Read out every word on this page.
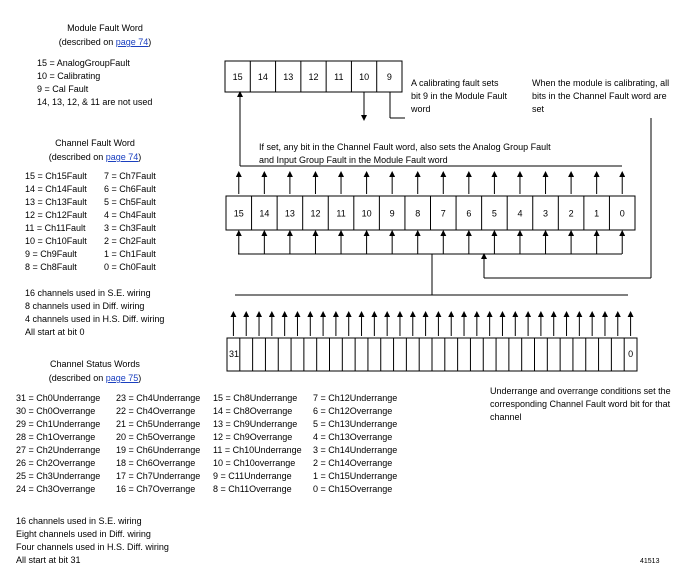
Module Fault Word
(described on page 74)
15 = AnalogGroupFault
10 = Calibrating
9 = Cal Fault
14, 13, 12, & 11 are not used
Channel Fault Word
(described on page 74)
15 = Ch15Fault
14 = Ch14Fault
13 = Ch13Fault
12 = Ch12Fault
11 = Ch11Fault
10 = Ch10Fault
9 = Ch9Fault
8 = Ch8Fault
7 = Ch7Fault
6 = Ch6Fault
5 = Ch5Fault
4 = Ch4Fault
3 = Ch3Fault
2 = Ch2Fault
1 = Ch1Fault
0 = Ch0Fault
16 channels used in S.E. wiring
8 channels used in Diff. wiring
4 channels used in H.S. Diff. wiring
All start at bit 0
Channel Status Words
(described on page 75)
31 = Ch0Underrange
30 = Ch0Overrange
29 = Ch1Underrange
28 = Ch1Overrange
27 = Ch2Underrange
26 = Ch2Overrange
25 = Ch3Underrange
24 = Ch3Overrange
23 = Ch4Underrange
22 = Ch4Overrange
21 = Ch5Underrange
20 = Ch5Overrange
19 = Ch6Underrange
18 = Ch6Overrange
17 = Ch7Underrange
16 = Ch7Overrange
15 = Ch8Underrange
14 = Ch8Overrange
13 = Ch9Underrange
12 = Ch9Overrange
11 = Ch10Underrange
10 = Ch10overrange
9 = C11Underrange
8 = Ch11Overrange
7 = Ch12Underrange
6 = Ch12Overrange
5 = Ch13Underrange
4 = Ch13Overrange
3 = Ch14Underrange
2 = Ch14Overrange
1 = Ch15Underrange
0 = Ch15Overrange
16 channels used in S.E. wiring
Eight channels used in Diff. wiring
Four channels used in H.S. Diff. wiring
All start at bit 31
A calibrating fault sets
bit 9 in the Module Fault
word
When the module is calibrating, all
bits in the Channel Fault word are
set
If set, any bit in the Channel Fault word, also sets the Analog Group Fault
and Input Group Fault in the Module Fault word
Underrange and overrange conditions set the
corresponding Channel Fault word bit for that
channel
41513
15 14 13 12 11 10 9
15 14 13 12 11 10 9 8 7 6 5 4 3 2 1 0
31	0
